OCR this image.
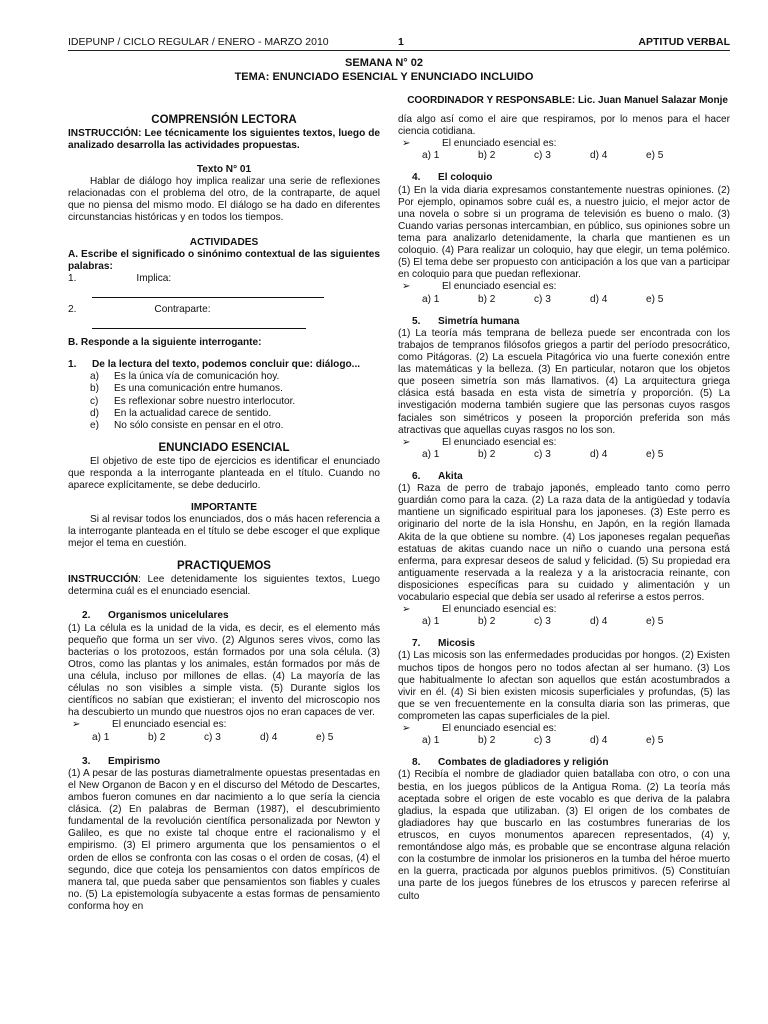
IDEPUNP / CICLO REGULAR / ENERO - MARZO 2010	1	APTITUD VERBAL
SEMANA N° 02
TEMA: ENUNCIADO ESENCIAL Y ENUNCIADO INCLUIDO
COORDINADOR Y RESPONSABLE: Lic. Juan Manuel Salazar Monje
COMPRENSIÓN LECTORA
INSTRUCCIÓN: Lee técnicamente los siguientes textos, luego de analizado desarrolla las actividades propuestas.
Texto N° 01
Hablar de diálogo hoy implica realizar una serie de reflexiones relacionadas con el problema del otro, de la contraparte, de aquel que no piensa del mismo modo. El diálogo se ha dado en diferentes circunstancias históricas y en todos los tiempos.
ACTIVIDADES
A. Escribe el significado o sinónimo contextual de las siguientes palabras:
1.	Implica:
2.	Contraparte:
B. Responde a la siguiente interrogante:
1. De la lectura del texto, podemos concluir que: diálogo...
a) Es la única vía de comunicación hoy.
b) Es una comunicación entre humanos.
c) Es reflexionar sobre nuestro interlocutor.
d) En la actualidad carece de sentido.
e) No sólo consiste en pensar en el otro.
ENUNCIADO ESENCIAL
El objetivo de este tipo de ejercicios es identificar el enunciado que responda a la interrogante planteada en el título. Cuando no aparece explícitamente, se debe deducirlo.
IMPORTANTE
Si al revisar todos los enunciados, dos o más hacen referencia a la interrogante planteada en el título se debe escoger el que explique mejor el tema en cuestión.
PRACTIQUEMOS
INSTRUCCIÓN: Lee detenidamente los siguientes textos, Luego determina cuál es el enunciado esencial.
2. Organismos unicelulares
(1) La célula es la unidad de la vida, es decir, es el elemento más pequeño que forma un ser vivo. (2) Algunos seres vivos, como las bacterias o los protozoos, están formados por una sola célula. (3) Otros, como las plantas y los animales, están formados por más de una célula, incluso por millones de ellas. (4) La mayoría de las células no son visibles a simple vista. (5) Durante siglos los científicos no sabían que existieran; el invento del microscopio nos ha descubierto un mundo que nuestros ojos no eran capaces de ver.
➢	El enunciado esencial es:
a) 1	b) 2	c) 3	d) 4	e) 5
3. Empirismo
(1) A pesar de las posturas diametralmente opuestas presentadas en el New Organon de Bacon y en el discurso del Método de Descartes, ambos fueron comunes en dar nacimiento a lo que sería la ciencia clásica. (2) En palabras de Berman (1987), el descubrimiento fundamental de la revolución científica personalizada por Newton y Galileo, es que no existe tal choque entre el racionalismo y el empirismo. (3) El primero argumenta que los pensamientos o el orden de ellos se confronta con las cosas o el orden de cosas, (4) el segundo, dice que coteja los pensamientos con datos empíricos de manera tal, que pueda saber que pensamientos son fiables y cuales no. (5) La epistemología subyacente a estas formas de pensamiento conforma hoy en
día algo así como el aire que respiramos, por lo menos para el hacer ciencia cotidiana.
➢	El enunciado esencial es:
a) 1	b) 2	c) 3	d) 4	e) 5
4. El coloquio
(1) En la vida diaria expresamos constantemente nuestras opiniones. (2) Por ejemplo, opinamos sobre cuál es, a nuestro juicio, el mejor actor de una novela o sobre si un programa de televisión es bueno o malo. (3) Cuando varias personas intercambian, en público, sus opiniones sobre un tema para analizarlo detenidamente, la charla que mantienen es un coloquio. (4) Para realizar un coloquio, hay que elegir, un tema polémico. (5) El tema debe ser propuesto con anticipación a los que van a participar en coloquio para que puedan reflexionar.
➢	El enunciado esencial es:
a) 1	b) 2	c) 3	d) 4	e) 5
5. Simetría humana
(1) La teoría más temprana de belleza puede ser encontrada con los trabajos de tempranos filósofos griegos a partir del período presocrático, como Pitágoras. (2) La escuela Pitagórica vio una fuerte conexión entre las matemáticas y la belleza. (3) En particular, notaron que los objetos que poseen simetría son más llamativos. (4) La arquitectura griega clásica está basada en esta vista de simetría y proporción. (5) La investigación moderna también sugiere que las personas cuyos rasgos faciales son simétricos y poseen la proporción preferida son más atractivas que aquellas cuyas rasgos no los son.
➢	El enunciado esencial es:
a) 1	b) 2	c) 3	d) 4	e) 5
6. Akita
(1) Raza de perro de trabajo japonés, empleado tanto como perro guardián como para la caza. (2) La raza data de la antigüedad y todavía mantiene un significado espiritual para los japoneses. (3) Este perro es originario del norte de la isla Honshu, en Japón, en la región llamada Akita de la que obtiene su nombre. (4) Los japoneses regalan pequeñas estatuas de akitas cuando nace un niño o cuando una persona está enferma, para expresar deseos de salud y felicidad. (5) Su propiedad era antiguamente reservada a la realeza y a la aristocracia reinante, con disposiciones específicas para su cuidado y alimentación y un vocabulario especial que debía ser usado al referirse a estos perros.
➢	El enunciado esencial es:
a) 1	b) 2	c) 3	d) 4	e) 5
7. Micosis
(1) Las micosis son las enfermedades producidas por hongos. (2) Existen muchos tipos de hongos pero no todos afectan al ser humano. (3) Los que habitualmente lo afectan son aquellos que están acostumbrados a vivir en él. (4) Si bien existen micosis superficiales y profundas, (5) las que se ven frecuentemente en la consulta diaria son las primeras, que comprometen las capas superficiales de la piel.
➢	El enunciado esencial es:
a) 1	b) 2	c) 3	d) 4	e) 5
8. Combates de gladiadores y religión
(1) Recibía el nombre de gladiador quien batallaba con otro, o con una bestia, en los juegos públicos de la Antigua Roma. (2) La teoría más aceptada sobre el origen de este vocablo es que deriva de la palabra gladius, la espada que utilizaban. (3) El origen de los combates de gladiadores hay que buscarlo en las costumbres funerarias de los etruscos, en cuyos monumentos aparecen representados, (4) y, remontándose algo más, es probable que se encontrase alguna relación con la costumbre de inmolar los prisioneros en la tumba del héroe muerto en la guerra, practicada por algunos pueblos primitivos. (5) Constituían una parte de los juegos fúnebres de los etruscos y parecen referirse al culto
